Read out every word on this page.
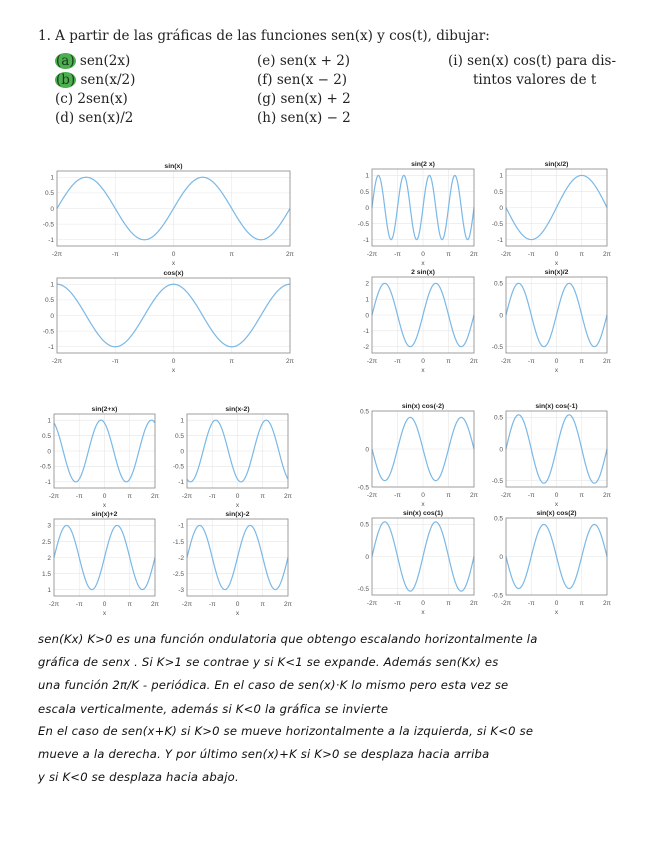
1. A partir de las gráficas de las funciones sen(x) y cos(t), dibujar:
(a) sen(2x)
(b) sen(x/2)
(c) 2sen(x)
(d) sen(x)/2
(e) sen(x + 2)
(f) sen(x − 2)
(g) sen(x) + 2
(h) sen(x) − 2
(i) sen(x) cos(t) para dis-
tintos valores de t
-2π	-π	0	π	2π
-1
-0.5
0
0.5
1
sin(x)
x
-2π	-π	0	π	2π
-1
-0.5
0
0.5
1
cos(x)
x
-2π	-π	0	π	2π
-1
-0.5
0
0.5
1
sin(2 x)
x
-2π	-π	0	π	2π
-1
-0.5
0
0.5
1
sin(x/2)
x
-2π	-π	0	π	2π
-2
-1
0
1
2
2 sin(x)
x
-2π	-π	0	π	2π
-0.5
0
0.5
sin(x)/2
x
-2π	-π	0	π	2π
-1
-0.5
0
0.5
1
sin(2+x)
x
-2π	-π	0	π	2π
-1
-0.5
0
0.5
1
sin(x-2)
x
-2π	-π	0	π	2π
1
1.5
2
2.5
3
sin(x)+2
x
-2π	-π	0	π	2π
-3
-2.5
-2
-1.5
-1
sin(x)-2
x
-2π	-π	0	π	2π
-0.5
0
0.5
sin(x) cos(-2)
x
-2π	-π	0	π	2π
-0.5
0
0.5
sin(x) cos(-1)
x
-2π	-π	0	π	2π
-0.5
0
0.5
sin(x) cos(1)
x
-2π	-π	0	π	2π
-0.5
0
0.5
sin(x) cos(2)
x
sen(Kx) K>0 es una función ondulatoria que obtengo escalando horizontalmente la
gráfica de senx . Si K>1 se contrae y si K<1 se expande. Además sen(Kx) es
una función 2π/K - periódica. En el caso de sen(x)·K lo mismo pero esta vez se
escala verticalmente, además si K<0 la gráfica se invierte
En el caso de sen(x+K) si K>0 se mueve horizontalmente a la izquierda, si K<0 se
mueve a la derecha. Y por último sen(x)+K si K>0 se desplaza hacia arriba
y si K<0 se desplaza hacia abajo.
